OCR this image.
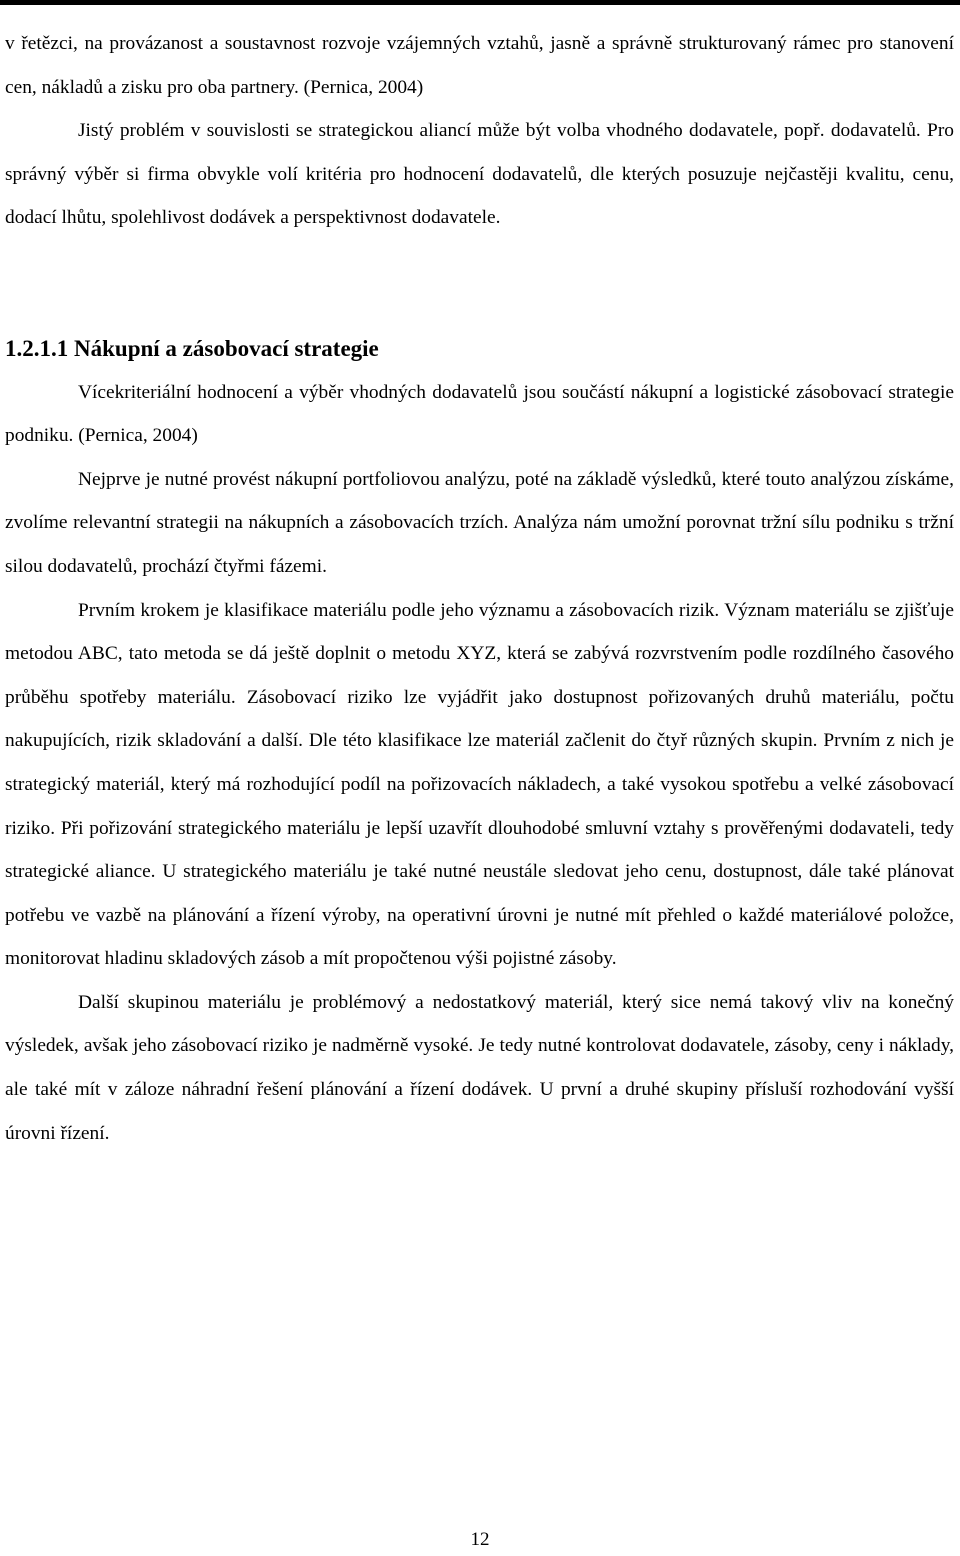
v řetězci, na provázanost a soustavnost rozvoje vzájemných vztahů, jasně a správně strukturovaný rámec pro stanovení cen, nákladů a zisku pro oba partnery. (Pernica, 2004)

Jistý problém v souvislosti se strategickou aliancí může být volba vhodného dodavatele, popř. dodavatelů. Pro správný výběr si firma obvykle volí kritéria pro hodnocení dodavatelů, dle kterých posuzuje nejčastěji kvalitu, cenu, dodací lhůtu, spolehlivost dodávek a perspektivnost dodavatele.

1.2.1.1 Nákupní a zásobovací strategie

Vícekriteriální hodnocení a výběr vhodných dodavatelů jsou součástí nákupní a logistické zásobovací strategie podniku. (Pernica, 2004)

Nejprve je nutné provést nákupní portfoliovou analýzu, poté na základě výsledků, které touto analýzou získáme, zvolíme relevantní strategii na nákupních a zásobovacích trzích. Analýza nám umožní porovnat tržní sílu podniku s tržní silou dodavatelů, prochází čtyřmi fázemi.

Prvním krokem je klasifikace materiálu podle jeho významu a zásobovacích rizik. Význam materiálu se zjišťuje metodou ABC, tato metoda se dá ještě doplnit o metodu XYZ, která se zabývá rozvrstvením podle rozdílného časového průběhu spotřeby materiálu. Zásobovací riziko lze vyjádřit jako dostupnost pořizovaných druhů materiálu, počtu nakupujících, rizik skladování a další. Dle této klasifikace lze materiál začlenit do čtyř různých skupin. Prvním z nich je strategický materiál, který má rozhodující podíl na pořizovacích nákladech, a také vysokou spotřebu a velké zásobovací riziko. Při pořizování strategického materiálu je lepší uzavřít dlouhodobé smluvní vztahy s prověřenými dodavateli, tedy strategické aliance. U strategického materiálu je také nutné neustále sledovat jeho cenu, dostupnost, dále také plánovat potřebu ve vazbě na plánování a řízení výroby, na operativní úrovni je nutné mít přehled o každé materiálové položce, monitorovat hladinu skladových zásob a mít propočtenou výši pojistné zásoby.

Další skupinou materiálu je problémový a nedostatkový materiál, který sice nemá takový vliv na konečný výsledek, avšak jeho zásobovací riziko je nadměrně vysoké. Je tedy nutné kontrolovat dodavatele, zásoby, ceny i náklady, ale také mít v záloze náhradní řešení plánování a řízení dodávek. U první a druhé skupiny přísluší rozhodování vyšší úrovni řízení.

12
